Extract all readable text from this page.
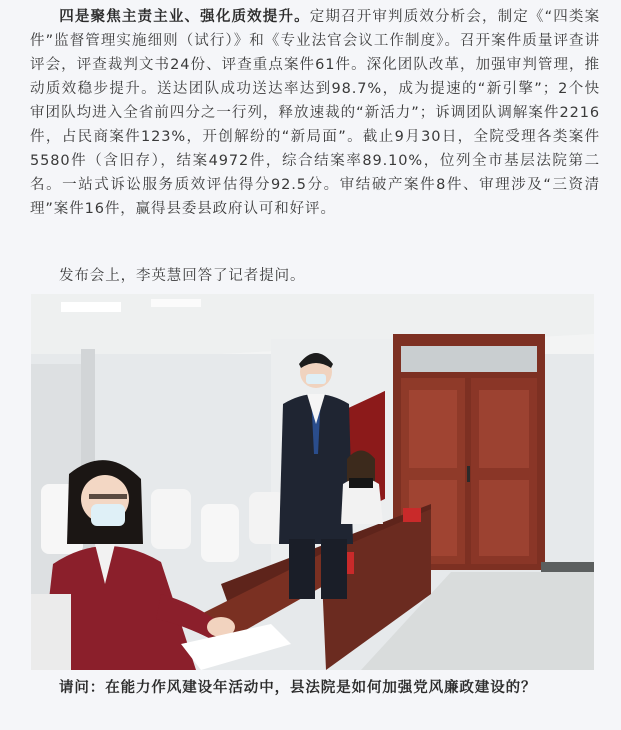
四是聚焦主责主业、强化质效提升。定期召开审判质效分析会，制定《“四类案件”监督管理实施细则（试行）》和《专业法官会议工作制度》。召开案件质量评查讲评会，评查裁判文书24份、评查重点案件61件。深化团队改革，加强审判管理，推动质效稳步提升。送达团队成功送达率达到98.7%，成为提速的“新引擎”；2个快审团队均进入全省前四分之一行列，释放速裁的“新活力”；诉调团队调解案件2216件，占民商案件123%，开创解纷的“新局面”。截止9月30日，全院受理各类案件5580件（含旧存），结案4972件，综合结案率89.10%，位列全市基层法院第二名。一站式诉讼服务质效评估得分92.5分。审结破产案件8件、审理涉及“三资清理”案件16件，赢得县委县政府认可和好评。

发布会上，李英慧回答了记者提问。

请问：在能力作风建设年活动中，县法院是如何加强党风廉政建设的？
